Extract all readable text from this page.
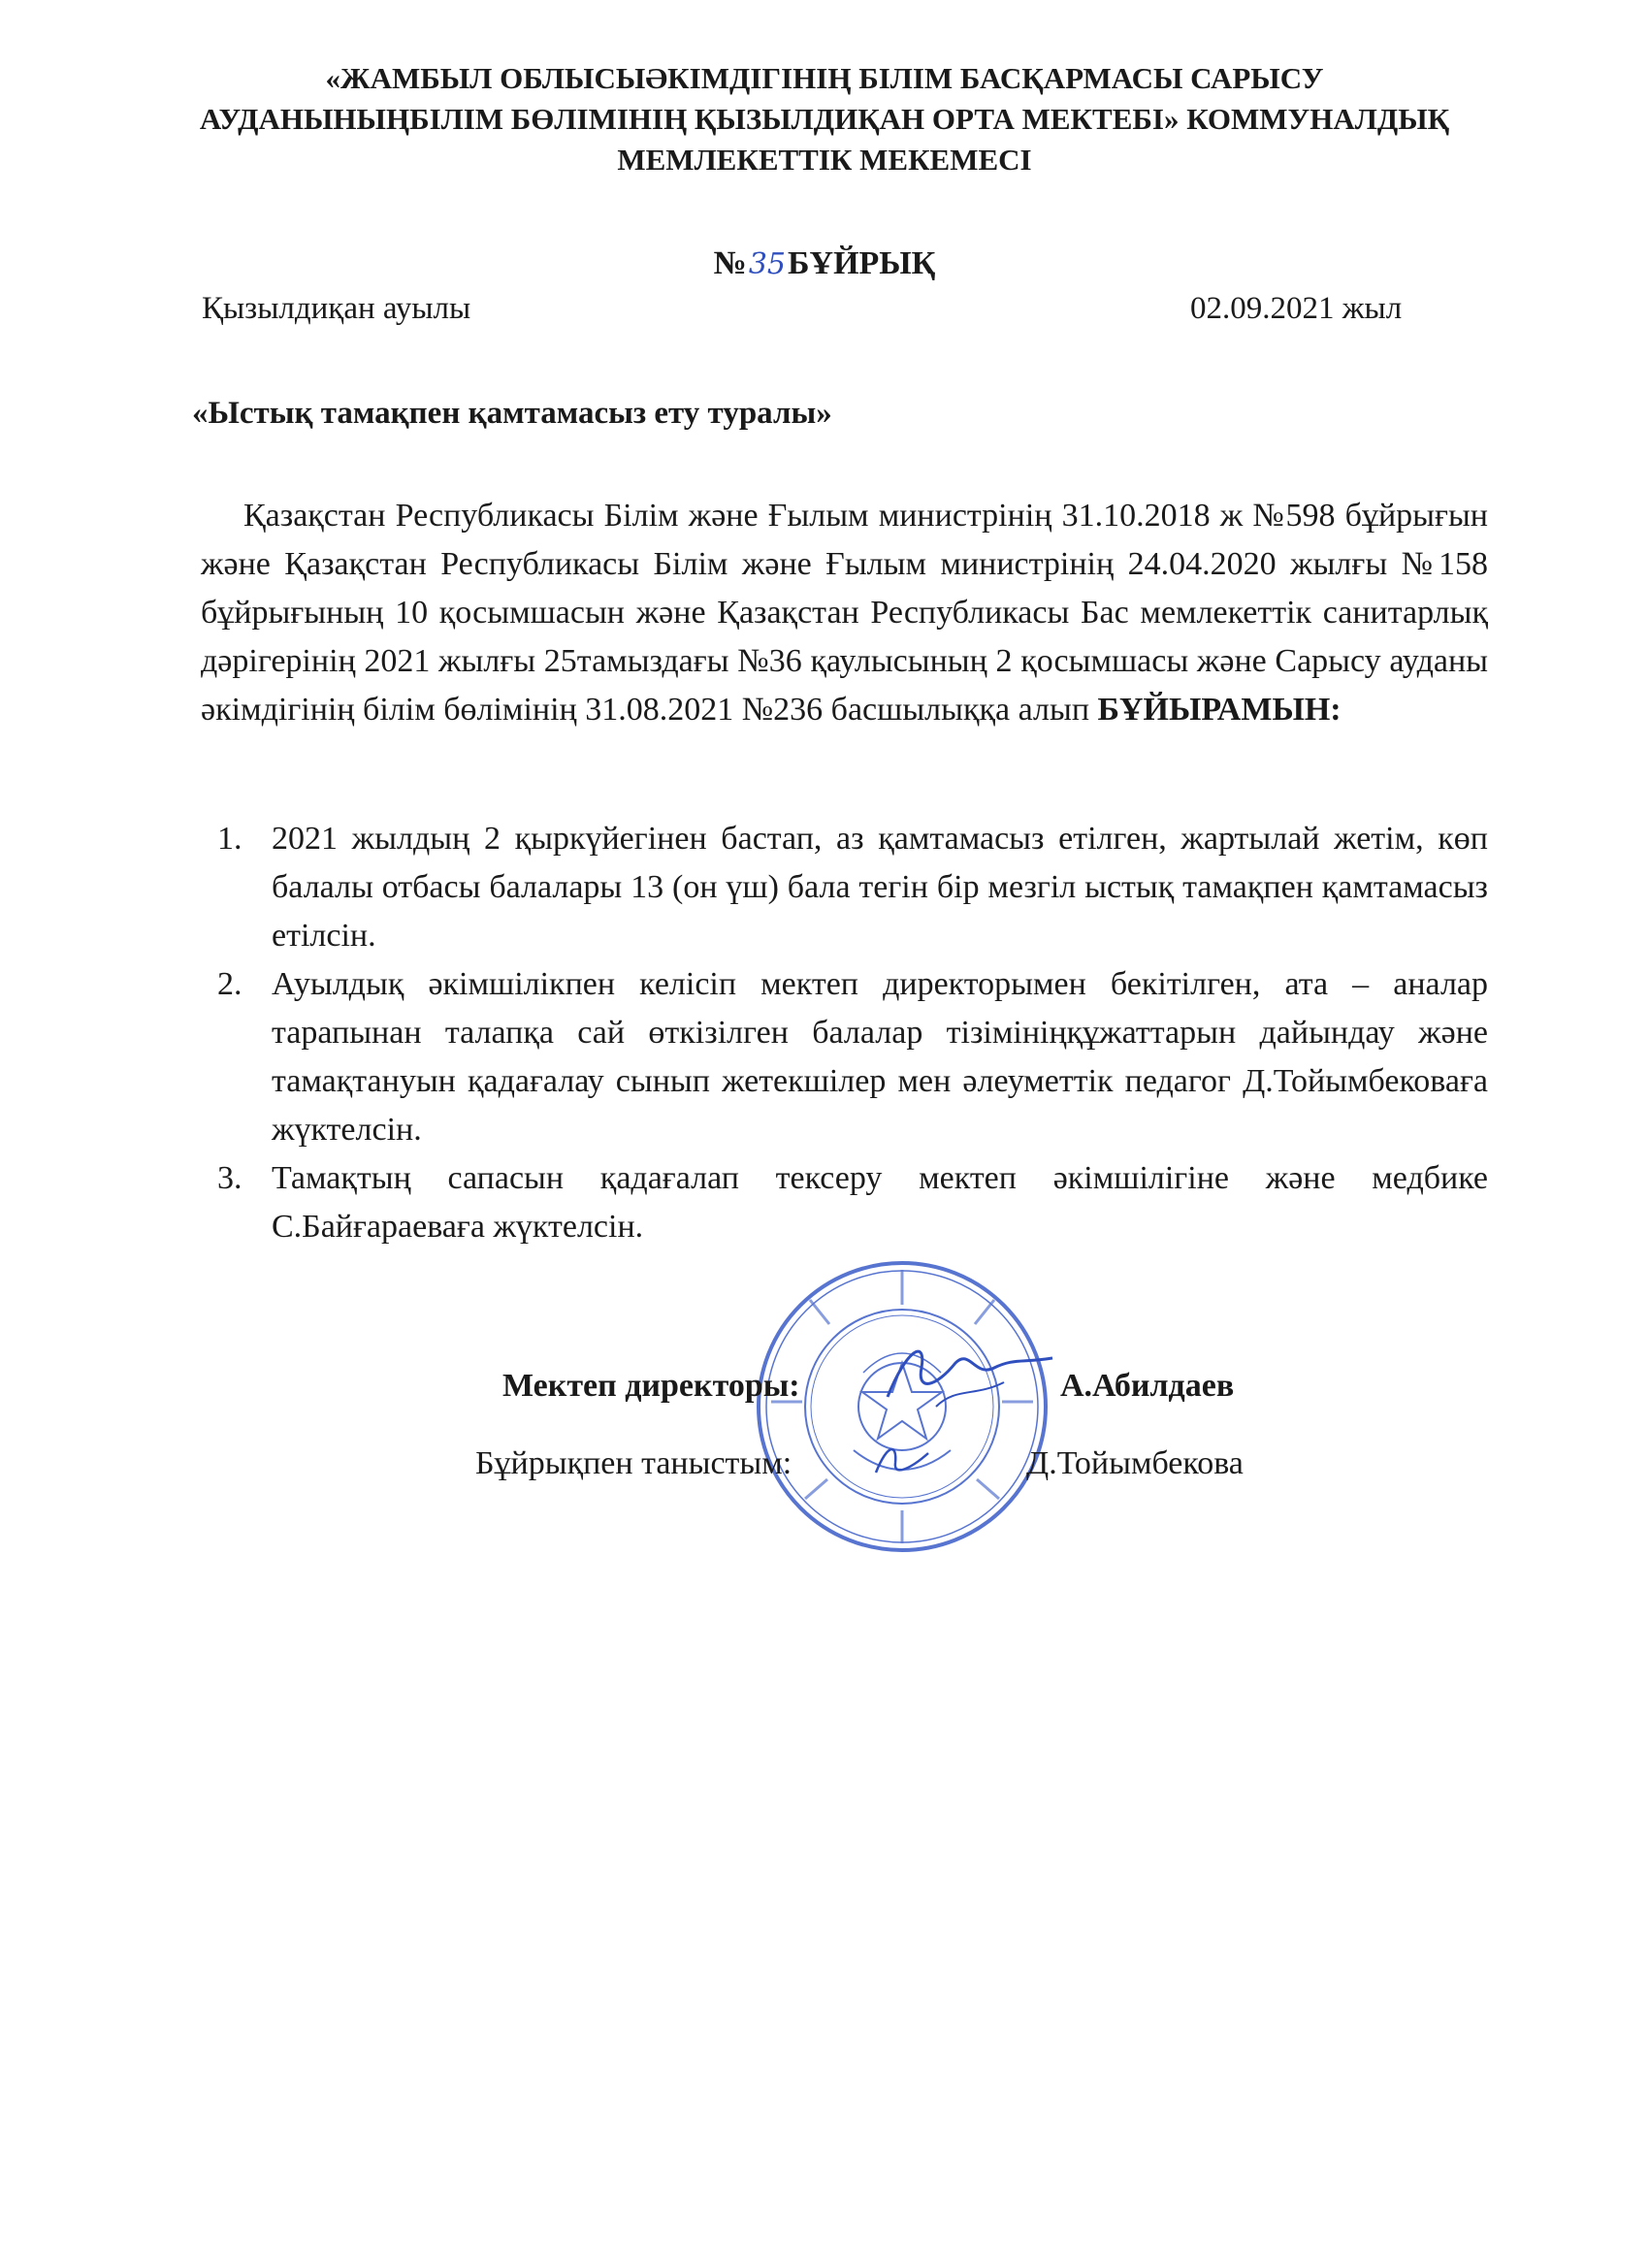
«ЖАМБЫЛ ОБЛЫСЫӘКІМДІГІНІҢ БІЛІМ БАСҚАРМАСЫ САРЫСУ
АУДАНЫНЫҢБІЛІМ БӨЛІМІНІҢ ҚЫЗЫЛДИҚАН ОРТА МЕКТЕБІ» КОММУНАЛДЫҚ
МЕМЛЕКЕТТІК МЕКЕМЕСІ
№35БҰЙРЫҚ
Қызылдиқан ауылы	02.09.2021 жыл
«Ыстық тамақпен қамтамасыз ету туралы»
Қазақстан Республикасы Білім және Ғылым министрінің 31.10.2018 ж №598 бұйрығын және Қазақстан Республикасы Білім және Ғылым министрінің 24.04.2020 жылғы №158 бұйрығының 10 қосымшасын және Қазақстан Республикасы Бас мемлекеттік санитарлық дәрігерінің 2021 жылғы 25тамыздағы №36 қаулысының 2 қосымшасы және Сарысу ауданы әкімдігінің білім бөлімінің 31.08.2021 №236 басшылыққа алып БҰЙЫРАМЫН:
1. 2021 жылдың 2 қыркүйегінен бастап, аз қамтамасыз етілген, жартылай жетім, көп балалы отбасы балалары 13 (он үш) бала тегін бір мезгіл ыстық тамақпен қамтамасыз етілсін.
2. Ауылдық әкімшілікпен келісіп мектеп директорымен бекітілген, ата – аналар тарапынан талапқа сай өткізілген балалар тізімініңқұжаттарын дайындау және тамақтануын қадағалау сынып жетекшілер мен әлеуметтік педагог Д.Тойымбековаға жүктелсін.
3. Тамақтың сапасын қадағалап тексеру мектеп әкімшілігіне және медбике С.Байғараеваға жүктелсін.
Мектеп директоры:	А.Абилдаев
Бұйрықпен таныстым:	Д.Тойымбекова
